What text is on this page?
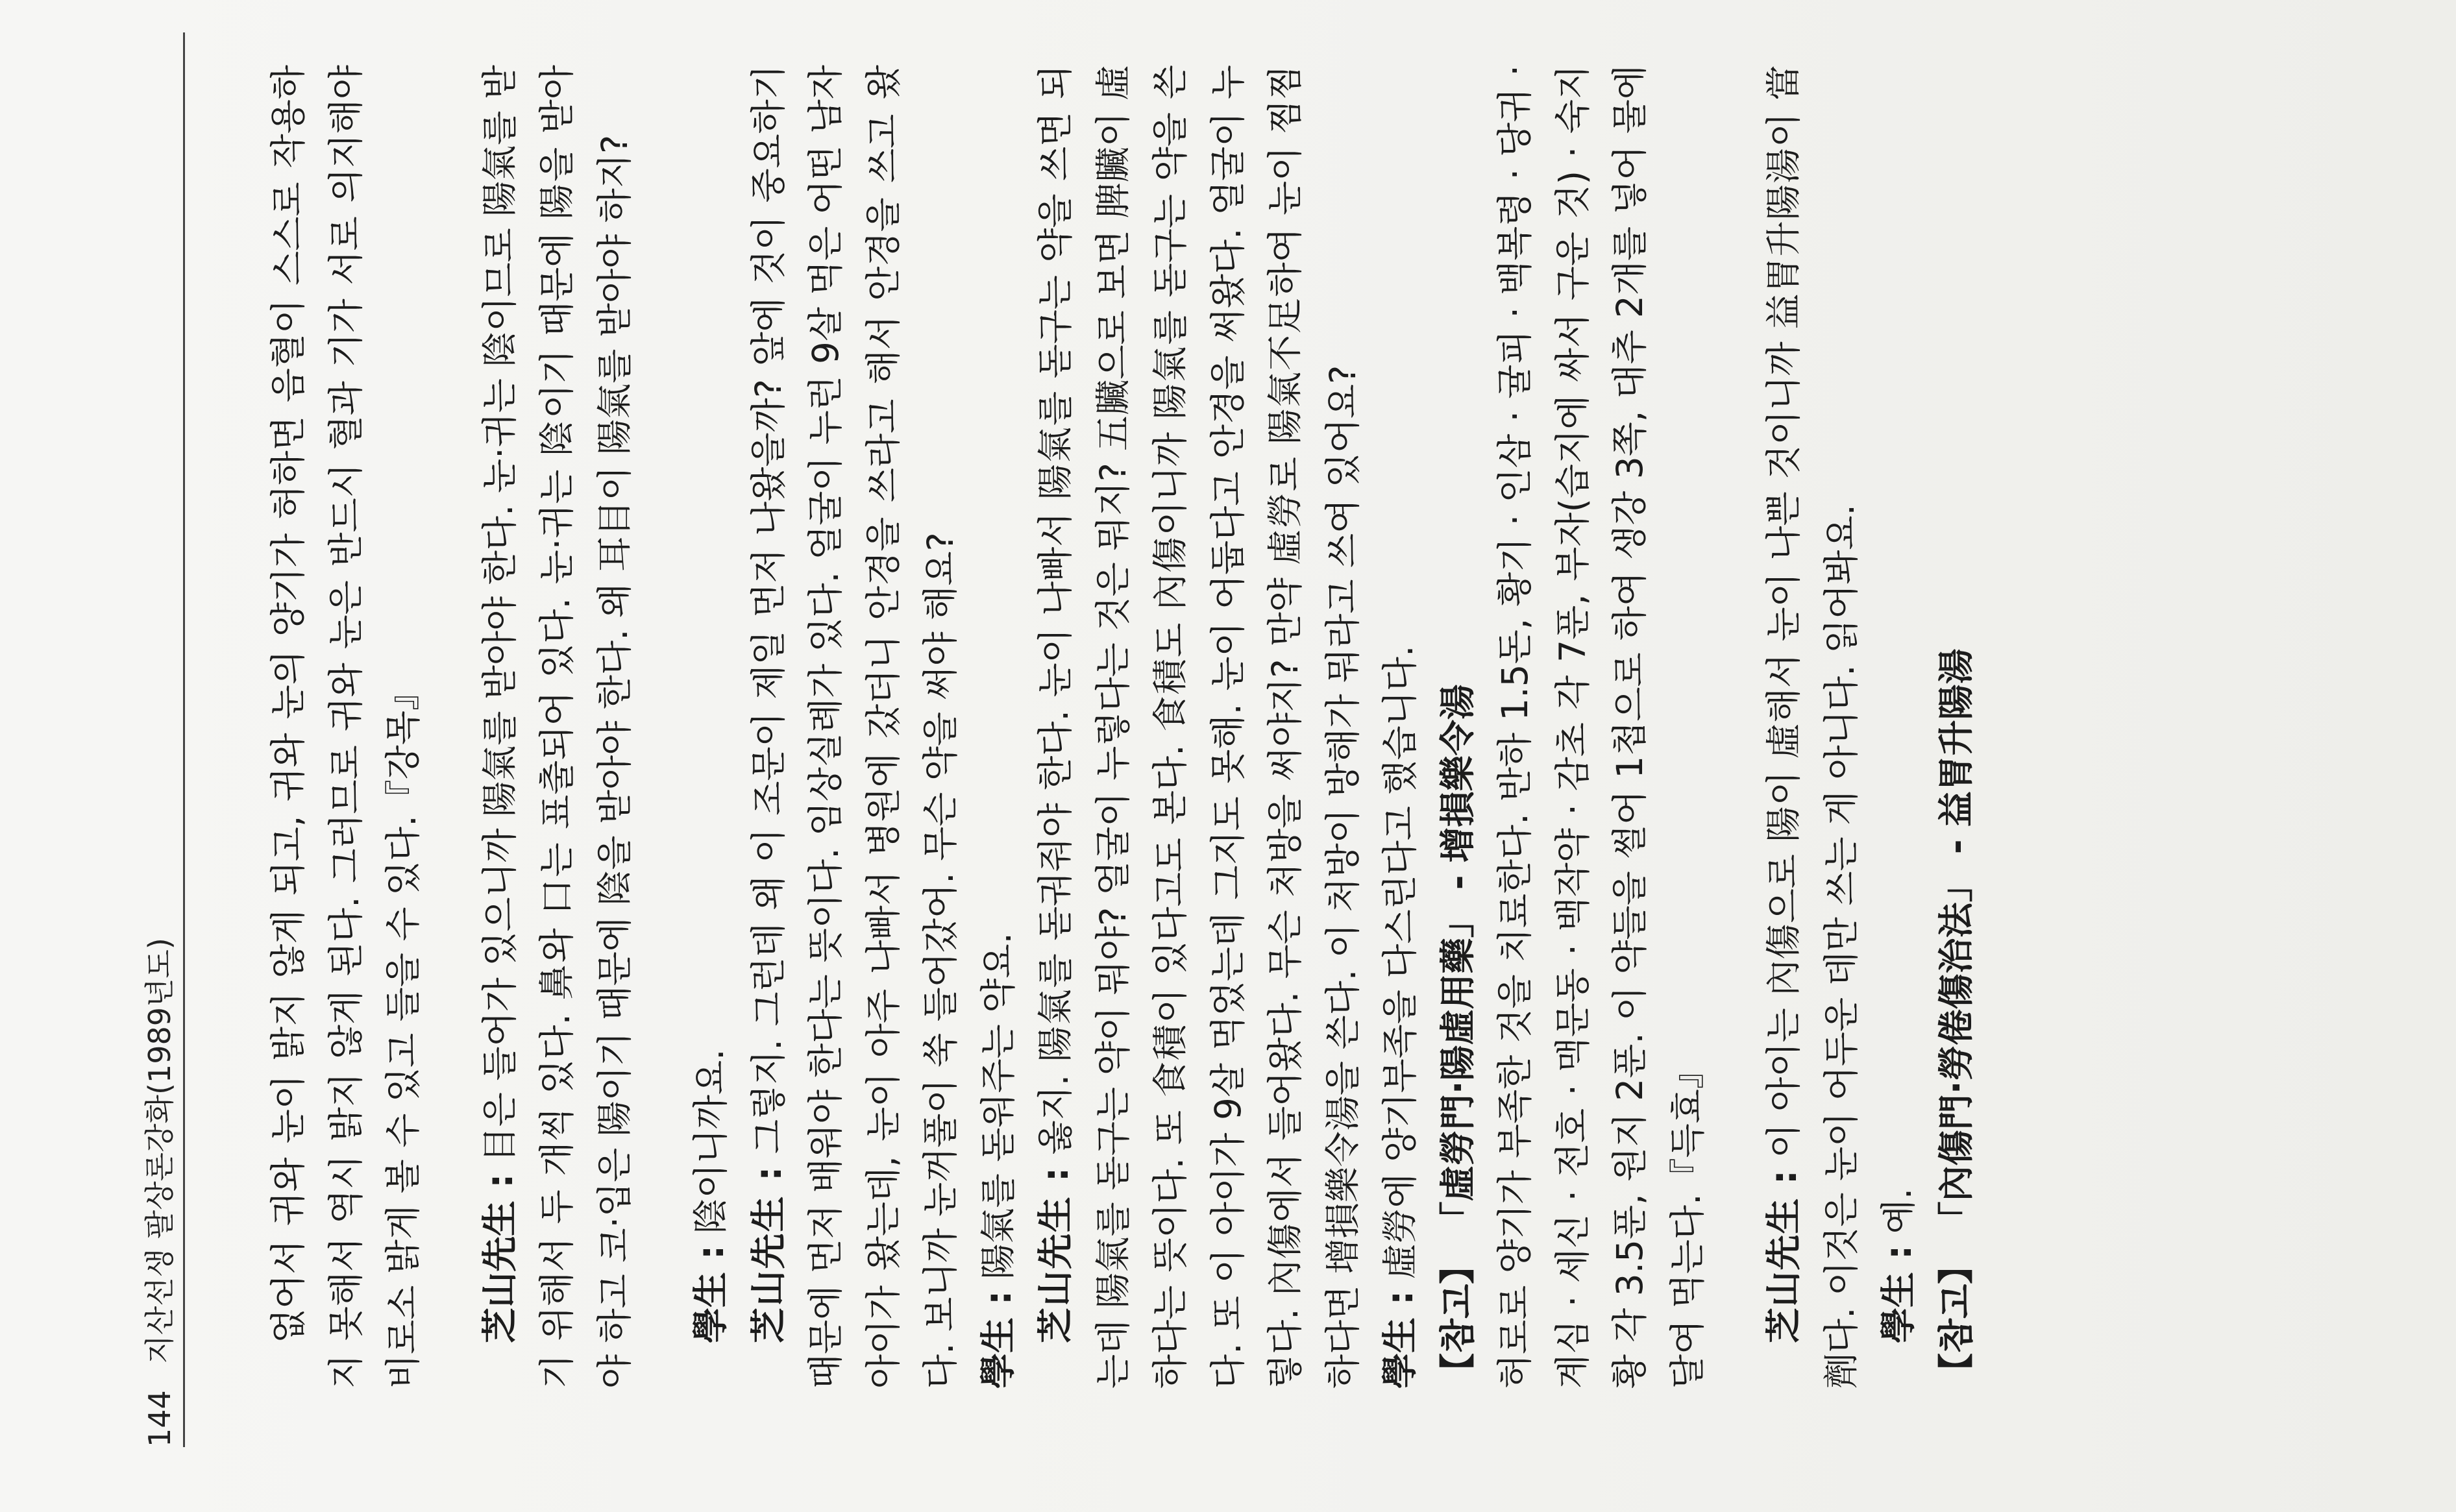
144 지산선생 팔상론강화(1989년도)	없어서 귀와 눈이 밝지 않게 되고, 귀와 눈의 양기가 허하면 음혈이 스스로 작용하지 못해서 역시 밝지 않게 된다. 그러므로 귀와 눈은 반드시 혈과 기가 서로 의지해야 비로소 밝게 볼 수 있고 들을 수 있다.『강목』 芝山先生 : 目은 들어가 있으니까 陽氣를 받아야 한다. 눈·귀는 陰이므로 陽氣를 받기 위해서 두 개씩 있다. 鼻와 口는 표출되어 있다. 눈·귀는 陰이기 때문에 陽을 받아야 하고 코·입은 陽이기 때문에 陰을 받아야 한다. 왜 耳目이 陽氣를 받아야 하지? 學生 : 陰이니까요.

芝山先生 : 그렇지. 그런데 왜 이 조문이 제일 먼저 나왔을까? 앞에 것이 중요하기 때문에 먼저 배워야 한다는 뜻이다. 임상실례가 있다. 얼굴이 누런 9살 먹은 어떤 남자아이가 왔는데, 눈이 아주 나빠서 병원에 갔더니 안경을 쓰라고 해서 안경을 쓰고 왔다. 보니까 눈꺼풀이 쑥 들어갔어. 무슨 약을 써야 해요? 學生 : 陽氣를 돋워주는 약요. 芝山先生 : 옳지. 陽氣를 돋궈줘야 한다. 눈이 나빠서 陽氣를 돋구는 약을 쓰면 되는데 陽氣를 돋구는 약이 뭐야? 얼굴이 누렇다는 것은 뭐지? 五臟으로 보면 脾臟이 虛하다는 뜻이다. 또 食積이 있다고도 본다. 食積도 內傷이니까 陽氣를 돋구는 약을 쓴다. 또 이 아이가 9살 먹었는데 그지도 못해. 눈이 어둡다고 안경을 써왔다. 얼굴이 누렇다. 內傷에서 들어왔다. 무슨 처방을 써야지? 만약 虛勞로 陽氣不足하여 눈이 찜찜하다면 增損樂令湯을 쓴다. 이 처방이 방해가 뭐라고 쓰여 있어요? 學生 : 虛勞에 양기부족을 다스린다고 했습니다.

【참고】 「虛勞門·陽虛用藥」 - 增損樂令湯 허로로 양기가 부족한 것을 치료한다. 반하 1.5돈, 황기 · 인삼 · 귤피 · 백복령 · 당귀 · 계심 · 세신 · 전호 · 맥문동 · 백작약 · 감초 각 7푼, 부자(습지에 싸서 구운 것) · 숙지황 각 3.5푼, 원지 2푼. 이 약들을 썰어 1첩으로 하여 생강 3쪽, 대추 2개를 넣어 물에 달여 먹는다.『득효』 芝山先生 : 이 아이는 內傷으로 陽이 虛해서 눈이 나쁜 것이니까 益胃升陽湯이 當劑다. 이것은 눈이 어두운 데만 쓰는 게 아니다. 읽어봐요. 學生 : 예.

【참고】 「內傷門·勞倦傷治法」 - 益胃升陽湯
